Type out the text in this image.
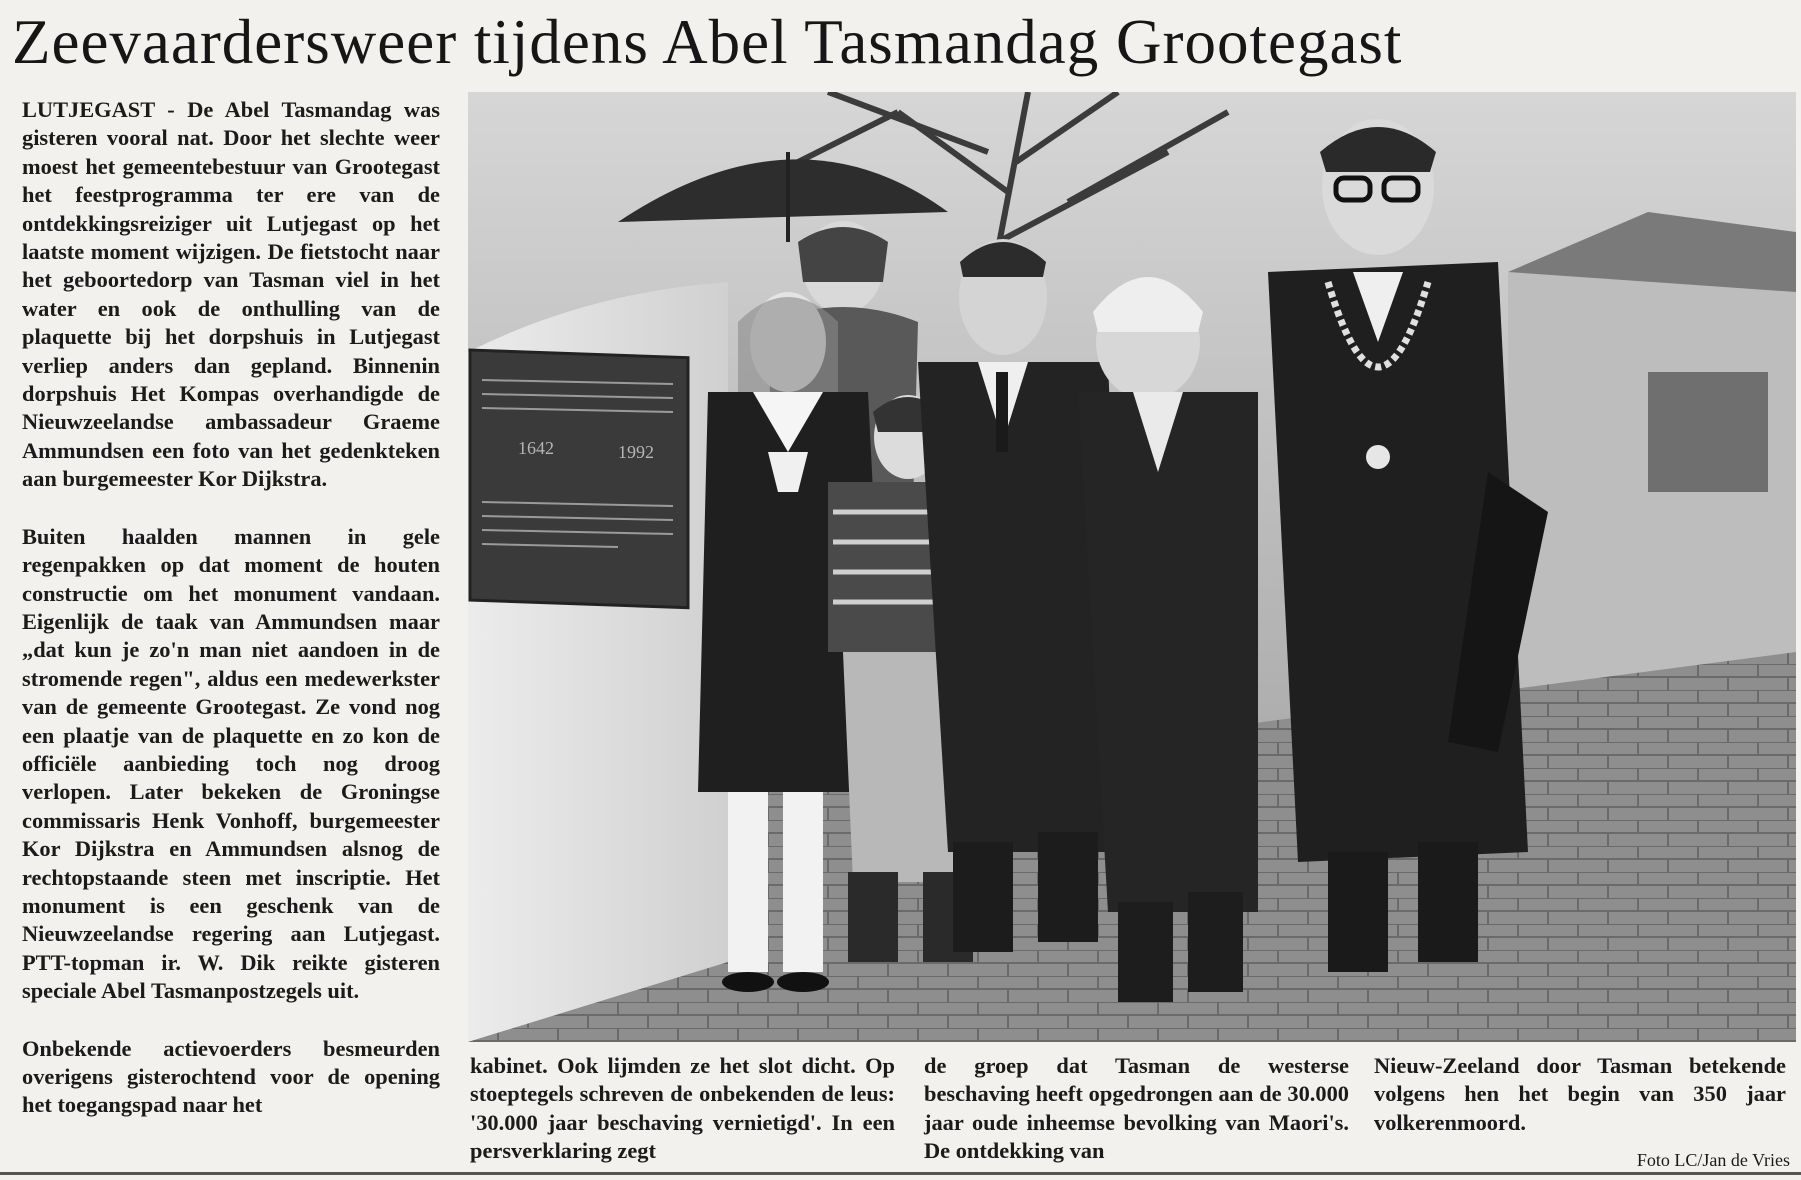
Zeevaardersweer tijdens Abel Tasmandag Grootegast

LUTJEGAST - De Abel Tasmandag was gisteren vooral nat. Door het slechte weer moest het gemeentebestuur van Grootegast het feestprogramma ter ere van de ontdekkingsreiziger uit Lutjegast op het laatste moment wijzigen. De fietstocht naar het geboortedorp van Tasman viel in het water en ook de onthulling van de plaquette bij het dorpshuis in Lutjegast verliep anders dan gepland. Binnenin dorpshuis Het Kompas overhandigde de Nieuwzeelandse ambassadeur Graeme Ammundsen een foto van het gedenkteken aan burgemeester Kor Dijkstra.

Buiten haalden mannen in gele regenpakken op dat moment de houten constructie om het monument vandaan. Eigenlijk de taak van Ammundsen maar „dat kun je zo'n man niet aandoen in de stromende regen", aldus een medewerkster van de gemeente Grootegast. Ze vond nog een plaatje van de plaquette en zo kon de officiële aanbieding toch nog droog verlopen. Later bekeken de Groningse commissaris Henk Vonhoff, burgemeester Kor Dijkstra en Ammundsen alsnog de rechtopstaande steen met inscriptie. Het monument is een geschenk van de Nieuwzeelandse regering aan Lutjegast. PTT-topman ir. W. Dik reikte gisteren speciale Abel Tasmanpostzegels uit.

Onbekende actievoerders besmeurden overigens gisterochtend voor de opening het toegangspad naar het

1642	1992
kabinet. Ook lijmden ze het slot dicht. Op stoeptegels schreven de onbekenden de leus: '30.000 jaar beschaving vernietigd'. In een persverklaring zegt
de groep dat Tasman de westerse beschaving heeft opgedrongen aan de 30.000 jaar oude inheemse bevolking van Maori's. De ontdekking van
Nieuw-Zeeland door Tasman betekende volgens hen het begin van 350 jaar volkerenmoord.
Foto LC/Jan de Vries
